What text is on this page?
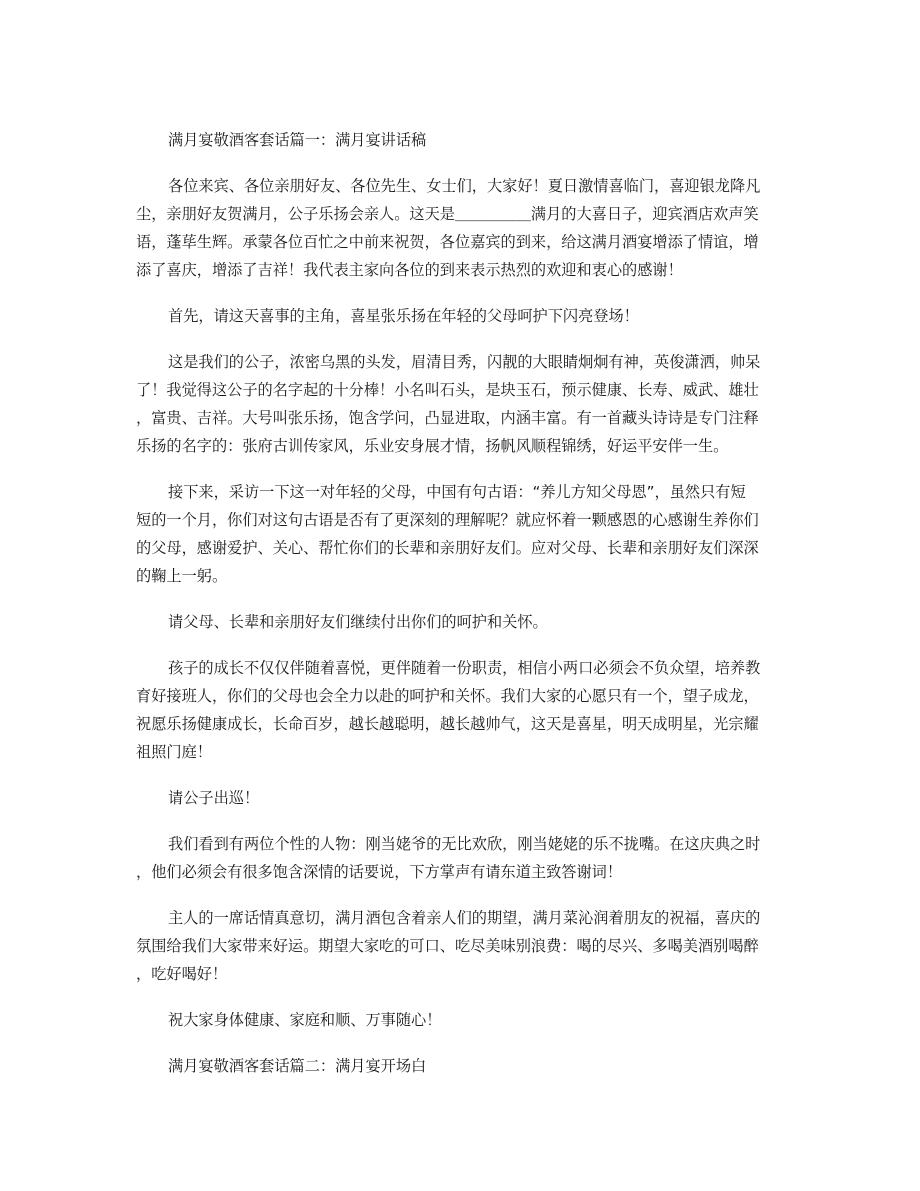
满月宴敬酒客套话篇一：满月宴讲话稿
各位来宾、各位亲朋好友、各位先生、女士们，大家好！夏日激情喜临门，喜迎银龙降凡
尘，亲朋好友贺满月，公子乐扬会亲人。这天是＿＿＿＿＿满月的大喜日子，迎宾酒店欢声笑
语，蓬荜生辉。承蒙各位百忙之中前来祝贺，各位嘉宾的到来，给这满月酒宴增添了情谊，增
添了喜庆，增添了吉祥！我代表主家向各位的到来表示热烈的欢迎和衷心的感谢！
首先，请这天喜事的主角，喜星张乐扬在年轻的父母呵护下闪亮登场！
这是我们的公子，浓密乌黑的头发，眉清目秀，闪靓的大眼睛炯炯有神，英俊潇洒，帅呆
了！我觉得这公子的名字起的十分棒！小名叫石头，是块玉石，预示健康、长寿、威武、雄壮
，富贵、吉祥。大号叫张乐扬，饱含学问，凸显进取，内涵丰富。有一首藏头诗诗是专门注释
乐扬的名字的：张府古训传家风，乐业安身展才情，扬帆风顺程锦绣，好运平安伴一生。
接下来，采访一下这一对年轻的父母，中国有句古语：“养儿方知父母恩”，虽然只有短
短的一个月，你们对这句古语是否有了更深刻的理解呢？就应怀着一颗感恩的心感谢生养你们
的父母，感谢爱护、关心、帮忙你们的长辈和亲朋好友们。应对父母、长辈和亲朋好友们深深
的鞠上一躬。
请父母、长辈和亲朋好友们继续付出你们的呵护和关怀。
孩子的成长不仅仅伴随着喜悦，更伴随着一份职责，相信小两口必须会不负众望，培养教
育好接班人，你们的父母也会全力以赴的呵护和关怀。我们大家的心愿只有一个，望子成龙，
祝愿乐扬健康成长，长命百岁，越长越聪明，越长越帅气，这天是喜星，明天成明星，光宗耀
祖照门庭！
请公子出巡！
我们看到有两位个性的人物：刚当姥爷的无比欢欣，刚当姥姥的乐不拢嘴。在这庆典之时
，他们必须会有很多饱含深情的话要说，下方掌声有请东道主致答谢词！
主人的一席话情真意切，满月酒包含着亲人们的期望，满月菜沁润着朋友的祝福，喜庆的
氛围给我们大家带来好运。期望大家吃的可口、吃尽美味别浪费：喝的尽兴、多喝美酒别喝醉
，吃好喝好！
祝大家身体健康、家庭和顺、万事随心！
满月宴敬酒客套话篇二：满月宴开场白
